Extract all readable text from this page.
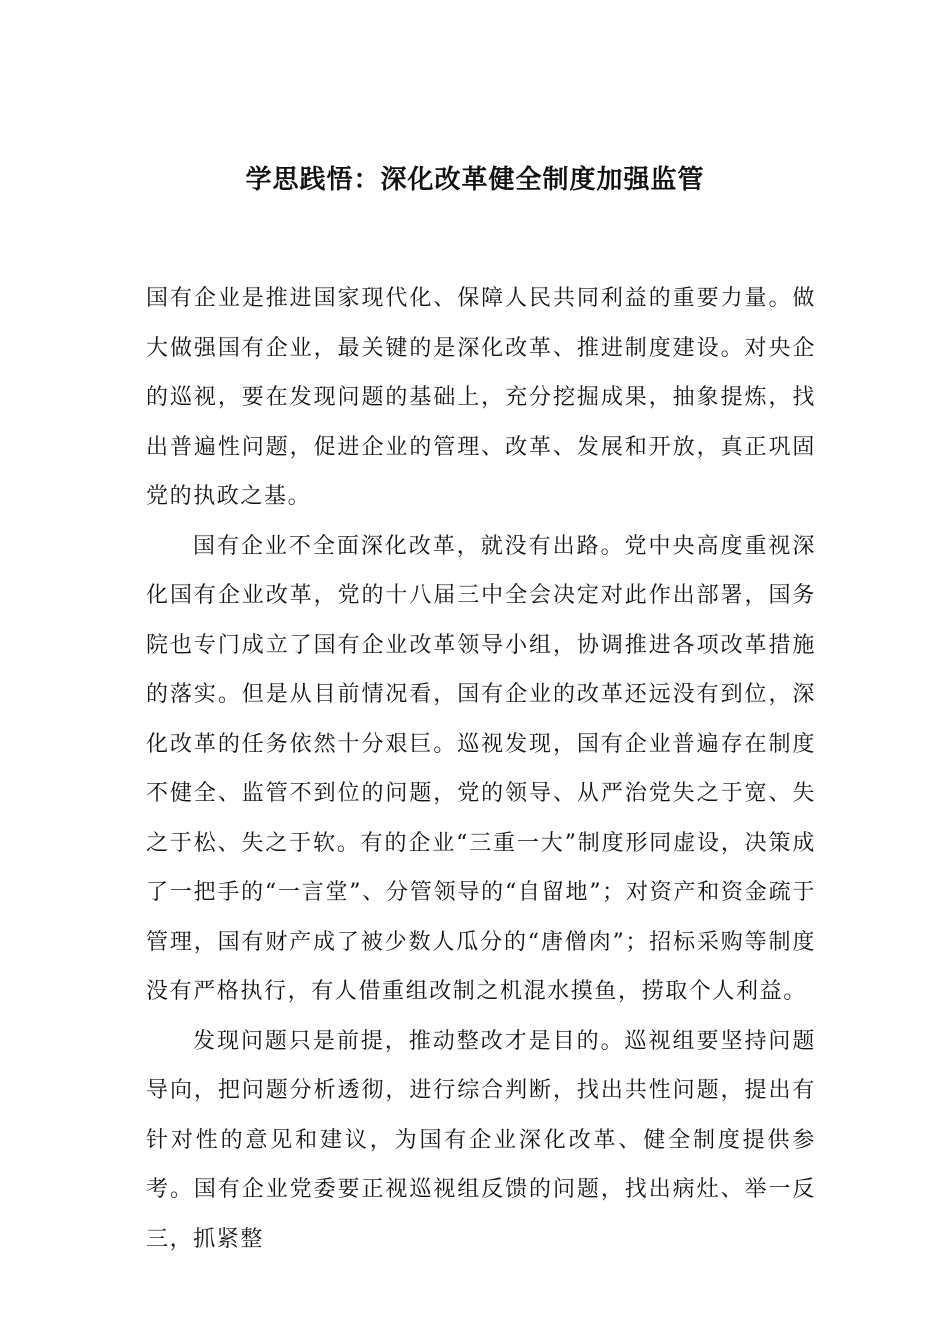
学思践悟：深化改革健全制度加强监管

国有企业是推进国家现代化、保障人民共同利益的重要力量。做大做强国有企业，最关键的是深化改革、推进制度建设。对央企的巡视，要在发现问题的基础上，充分挖掘成果，抽象提炼，找出普遍性问题，促进企业的管理、改革、发展和开放，真正巩固党的执政之基。

国有企业不全面深化改革，就没有出路。党中央高度重视深化国有企业改革，党的十八届三中全会决定对此作出部署，国务院也专门成立了国有企业改革领导小组，协调推进各项改革措施的落实。但是从目前情况看，国有企业的改革还远没有到位，深化改革的任务依然十分艰巨。巡视发现，国有企业普遍存在制度不健全、监管不到位的问题，党的领导、从严治党失之于宽、失之于松、失之于软。有的企业“三重一大”制度形同虚设，决策成了一把手的“一言堂”、分管领导的“自留地”；对资产和资金疏于管理，国有财产成了被少数人瓜分的“唐僧肉”；招标采购等制度没有严格执行，有人借重组改制之机混水摸鱼，捞取个人利益。

发现问题只是前提，推动整改才是目的。巡视组要坚持问题导向，把问题分析透彻，进行综合判断，找出共性问题，提出有针对性的意见和建议，为国有企业深化改革、健全制度提供参考。国有企业党委要正视巡视组反馈的问题，找出病灶、举一反三，抓紧整
